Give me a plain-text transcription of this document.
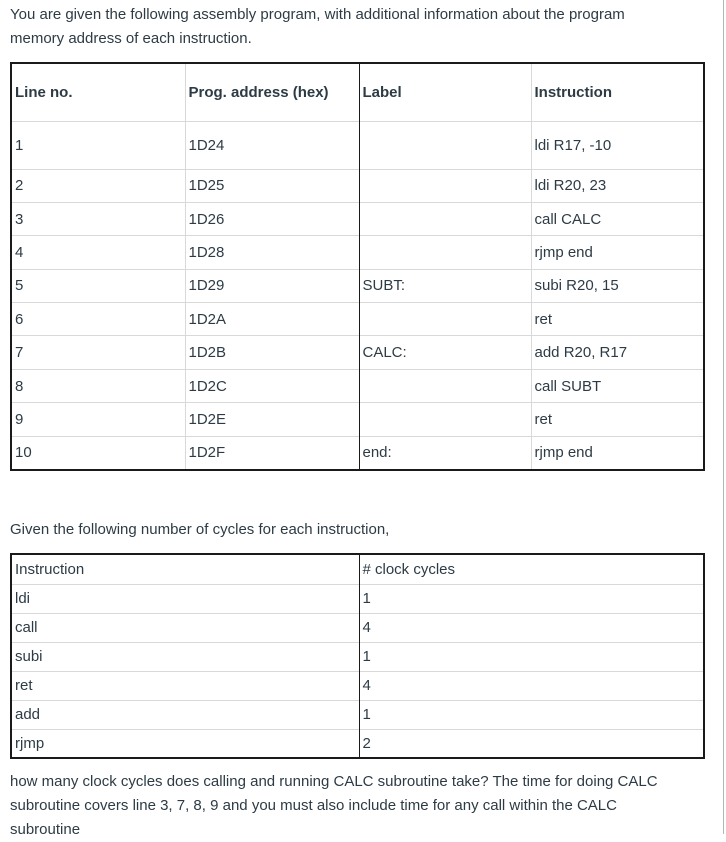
You are given the following assembly program, with additional information about the program
memory address of each instruction.
Line no.	Prog. address (hex)	Label	Instruction
1	1D24		ldi R17, -10
2	1D25		ldi R20, 23
3	1D26		call CALC
4	1D28		rjmp end
5	1D29	SUBT:	subi R20, 15
6	1D2A		ret
7	1D2B	CALC:	add R20, R17
8	1D2C		call SUBT
9	1D2E		ret
10	1D2F	end:	rjmp end
Given the following number of cycles for each instruction,
Instruction	# clock cycles
ldi	1
call	4
subi	1
ret	4
add	1
rjmp	2
how many clock cycles does calling and running CALC subroutine take? The time for doing CALC
subroutine covers line 3, 7, 8, 9 and you must also include time for any call within the CALC
subroutine
